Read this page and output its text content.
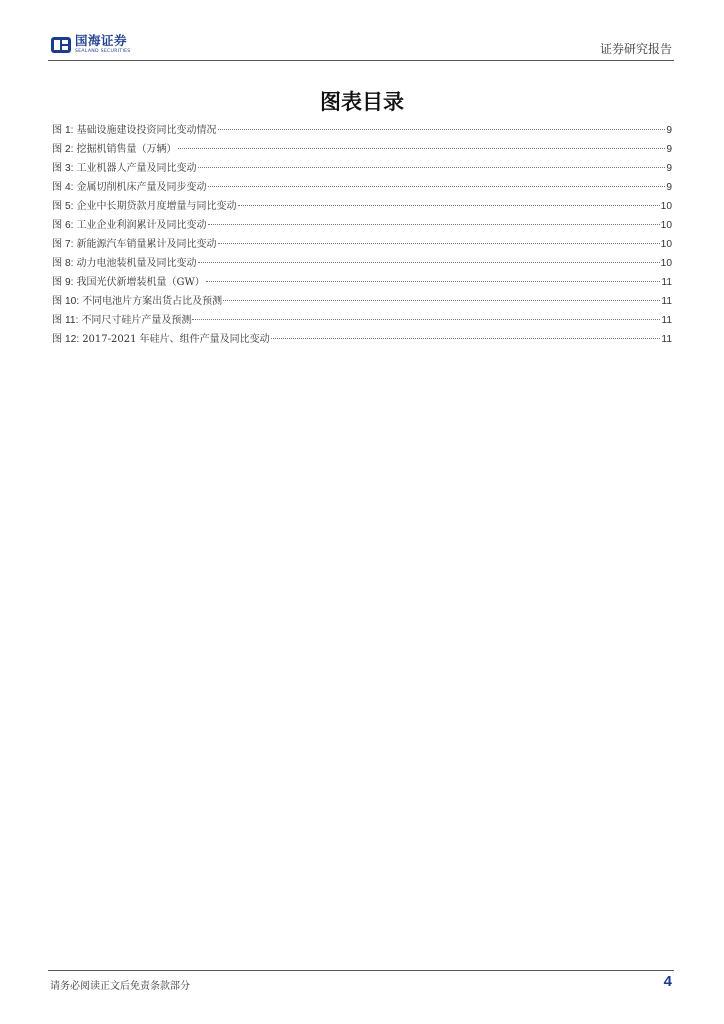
国海证券
SEALAND SECURITIES	证券研究报告
图表目录
图 1: 基础设施建设投资同比变动情况	9
图 2: 挖掘机销售量（万辆）	9
图 3: 工业机器人产量及同比变动	9
图 4: 金属切削机床产量及同步变动	9
图 5: 企业中长期贷款月度增量与同比变动	10
图 6: 工业企业利润累计及同比变动	10
图 7: 新能源汽车销量累计及同比变动	10
图 8: 动力电池装机量及同比变动	10
图 9: 我国光伏新增装机量（GW）	11
图 10: 不同电池片方案出货占比及预测	11
图 11: 不同尺寸硅片产量及预测	11
图 12: 2017-2021 年硅片、组件产量及同比变动	11
请务必阅读正文后免责条款部分	4
